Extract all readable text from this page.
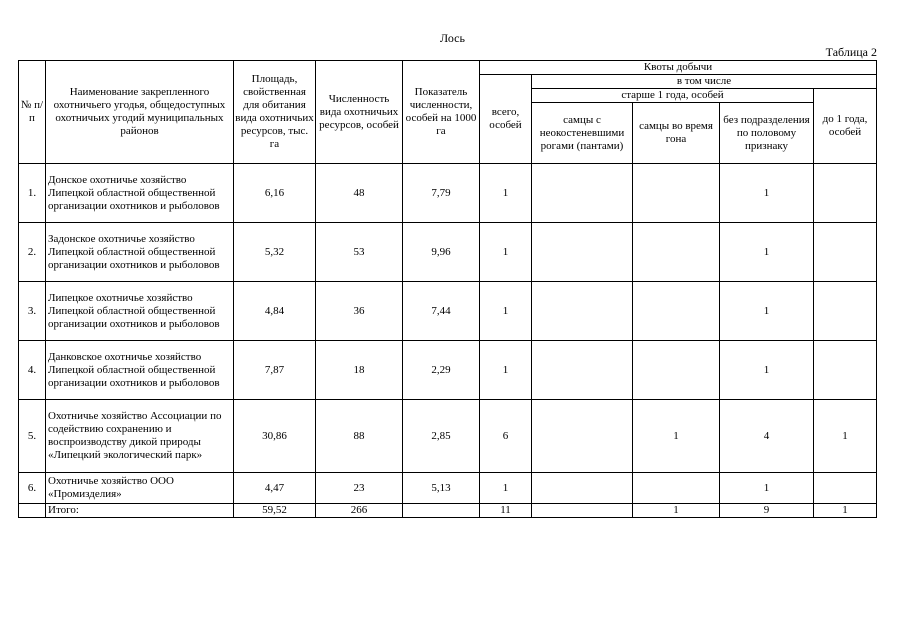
Лось
Таблица 2
№ п/п	Наименование закрепленного охотничьего угодья, общедоступных охотничьих угодий муниципальных районов	Площадь, свойственная для обитания вида охотничьих ресурсов, тыс. га	Численность вида охотничьих ресурсов, особей	Показатель численности, особей на 1000 га	Квоты добычи				
					всего, особей	в том числе			
						старше 1 года, особей			до 1 года, особей
						самцы с неокостеневшими рогами (пантами)	самцы во время гона	без подразделения по половому признаку	
1.	Донское охотничье хозяйство Липецкой областной общественной организации охотников и рыболовов	6,16	48	7,79	1			1	
2.	Задонское охотничье хозяйство Липецкой областной общественной организации охотников и рыболовов	5,32	53	9,96	1			1	
3.	Липецкое охотничье хозяйство Липецкой областной общественной организации охотников и рыболовов	4,84	36	7,44	1			1	
4.	Данковское охотничье хозяйство Липецкой областной общественной организации охотников и рыболовов	7,87	18	2,29	1			1	
5.	Охотничье хозяйство Ассоциации по содействию сохранению и воспроизводству дикой природы «Липецкий экологический парк»	30,86	88	2,85	6		1	4	1
6.	Охотничье хозяйство ООО «Промизделия»	4,47	23	5,13	1			1	
	Итого:	59,52	266		11		1	9	1
